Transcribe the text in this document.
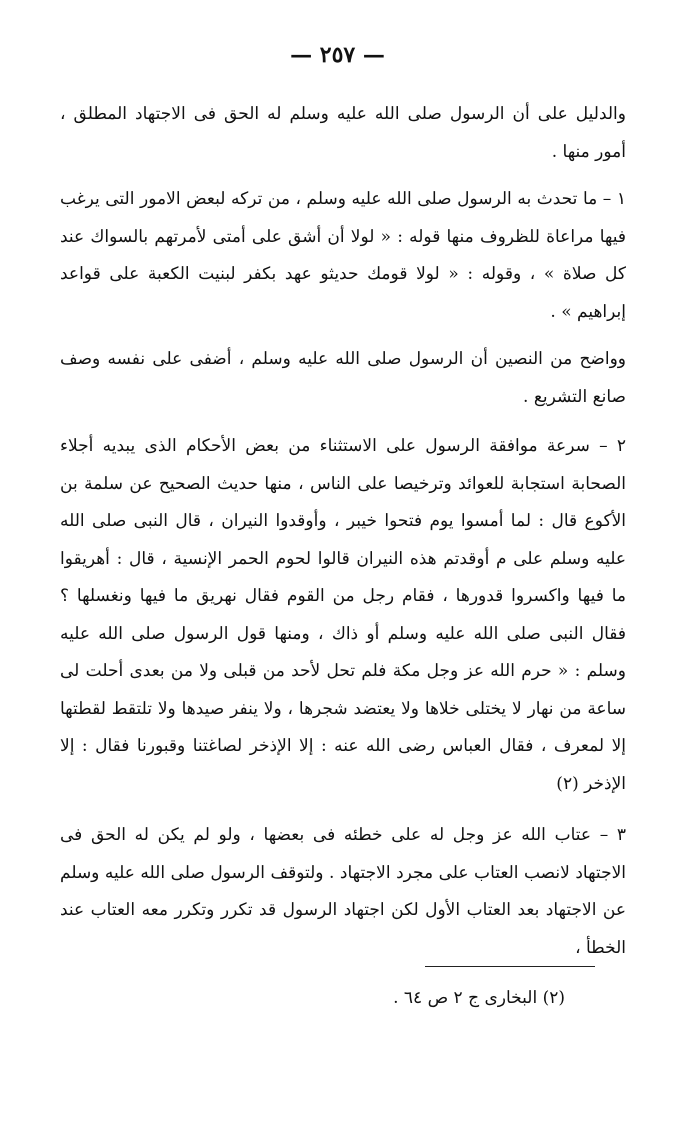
— ٢٥٧ —

والدليل على أن الرسول صلى الله عليه وسلم له الحق فى الاجتهاد المطلق ، أمور منها .

١ – ما تحدث به الرسول صلى الله عليه وسلم ، من تركه لبعض الامور التى يرغب فيها مراعاة للظروف منها قوله : « لولا أن أشق على أمتى لأمرتهم بالسواك عند كل صلاة » ، وقوله : « لولا قومك حديثو عهد بكفر لبنيت الكعبة على قواعد إبراهيم » .

وواضح من النصين أن الرسول صلى الله عليه وسلم ، أضفى على نفسه وصف صانع التشريع .

٢ – سرعة موافقة الرسول على الاستثناء من بعض الأحكام الذى يبديه أجلاء الصحابة استجابة للعوائد وترخيصا على الناس ، منها حديث الصحيح عن سلمة بن الأكوع قال : لما أمسوا يوم فتحوا خيبر ، وأوقدوا النيران ، قال النبى صلى الله عليه وسلم على م أوقدتم هذه النيران قالوا لحوم الحمر الإنسية ، قال : أهريقوا ما فيها واكسروا قدورها ، فقام رجل من القوم فقال نهريق ما فيها ونغسلها ؟ فقال النبى صلى الله عليه وسلم أو ذاك ، ومنها قول الرسول صلى الله عليه وسلم : « حرم الله عز وجل مكة فلم تحل لأحد من قبلى ولا من بعدى أحلت لى ساعة من نهار لا يختلى خلاها ولا يعتضد شجرها ، ولا ينفر صيدها ولا تلتقط لقطتها إلا لمعرف ، فقال العباس رضى الله عنه : إلا الإذخر لصاغتنا وقبورنا فقال : إلا الإذخر (٢)

٣ – عتاب الله عز وجل له على خطئه فى بعضها ، ولو لم يكن له الحق فى الاجتهاد لانصب العتاب على مجرد الاجتهاد . ولتوقف الرسول صلى الله عليه وسلم عن الاجتهاد بعد العتاب الأول لكن اجتهاد الرسول قد تكرر وتكرر معه العتاب عند الخطأ ،

(٢) البخارى ج ٢ ص ٦٤ .
